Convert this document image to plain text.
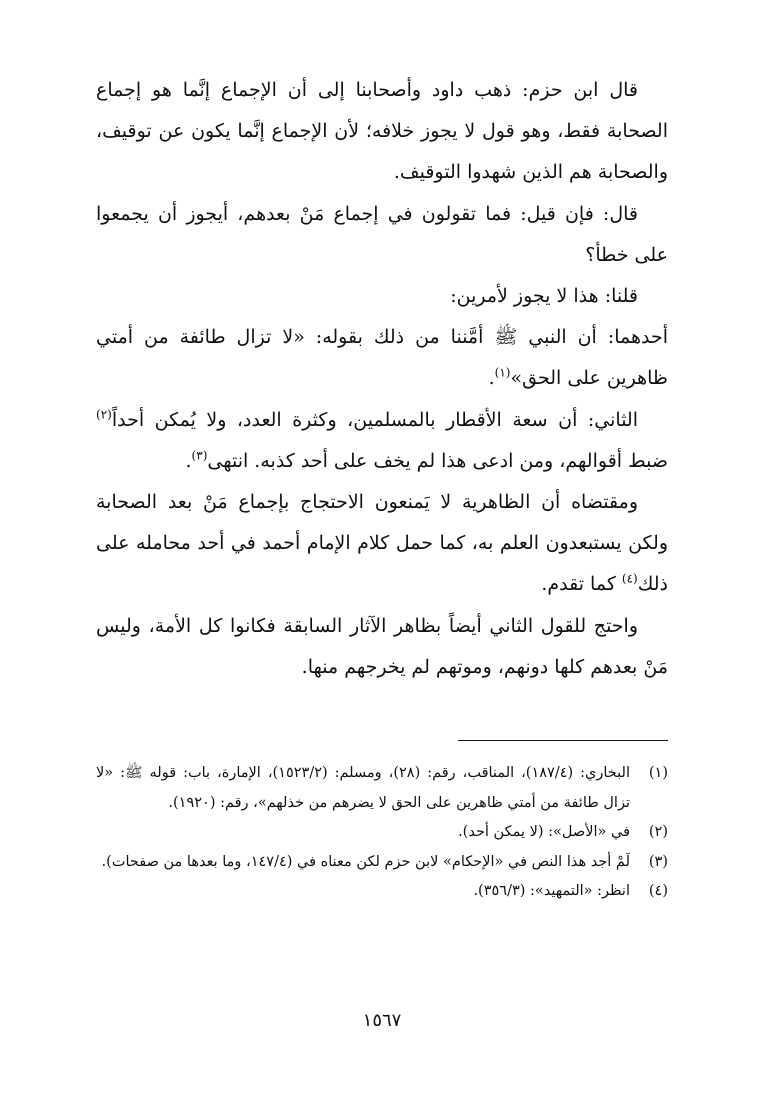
قال ابن حزم: ذهب داود وأصحابنا إلى أن الإجماع إنَّما هو إجماع الصحابة فقط، وهو قول لا يجوز خلافه؛ لأن الإجماع إنَّما يكون عن توقيف، والصحابة هم الذين شهدوا التوقيف.

قال: فإن قيل: فما تقولون في إجماع مَنْ بعدهم، أيجوز أن يجمعوا على خطأ؟

قلنا: هذا لا يجوز لأمرين:

أحدهما: أن النبي ﷺ أمَّننا من ذلك بقوله: «لا تزال طائفة من أمتي ظاهرين على الحق»$^{(١)}$.

الثاني: أن سعة الأقطار بالمسلمين، وكثرة العدد، ولا يُمكن أحداً$^{(٢)}$ ضبط أقوالهم، ومن ادعى هذا لم يخف على أحد كذبه. انتهى$^{(٣)}$.

ومقتضاه أن الظاهرية لا يَمنعون الاحتجاج بإجماع مَنْ بعد الصحابة ولكن يستبعدون العلم به، كما حمل كلام الإمام أحمد في أحد محامله على ذلك$^{(٤)}$ كما تقدم.

واحتج للقول الثاني أيضاً بظاهر الآثار السابقة فكانوا كل الأمة، وليس مَنْ بعدهم كلها دونهم، وموتهم لم يخرجهم منها.

(١)
البخاري: (١٨٧/٤)، المناقب، رقم: (٢٨)، ومسلم: (١٥٢٣/٢)، الإمارة، باب: قوله ﷺ: «لا تزال طائفة من أمتي ظاهرين على الحق لا يضرهم من خذلهم»، رقم: (١٩٢٠).
(٢)
في «الأصل»: (لا يمكن أحد).
(٣)
لَمْ أجد هذا النص في «الإحكام» لابن حزم لكن معناه في (١٤٧/٤، وما بعدها من صفحات).
(٤)
انظر: «التمهيد»: (٣٥٦/٣).
١٥٦٧
